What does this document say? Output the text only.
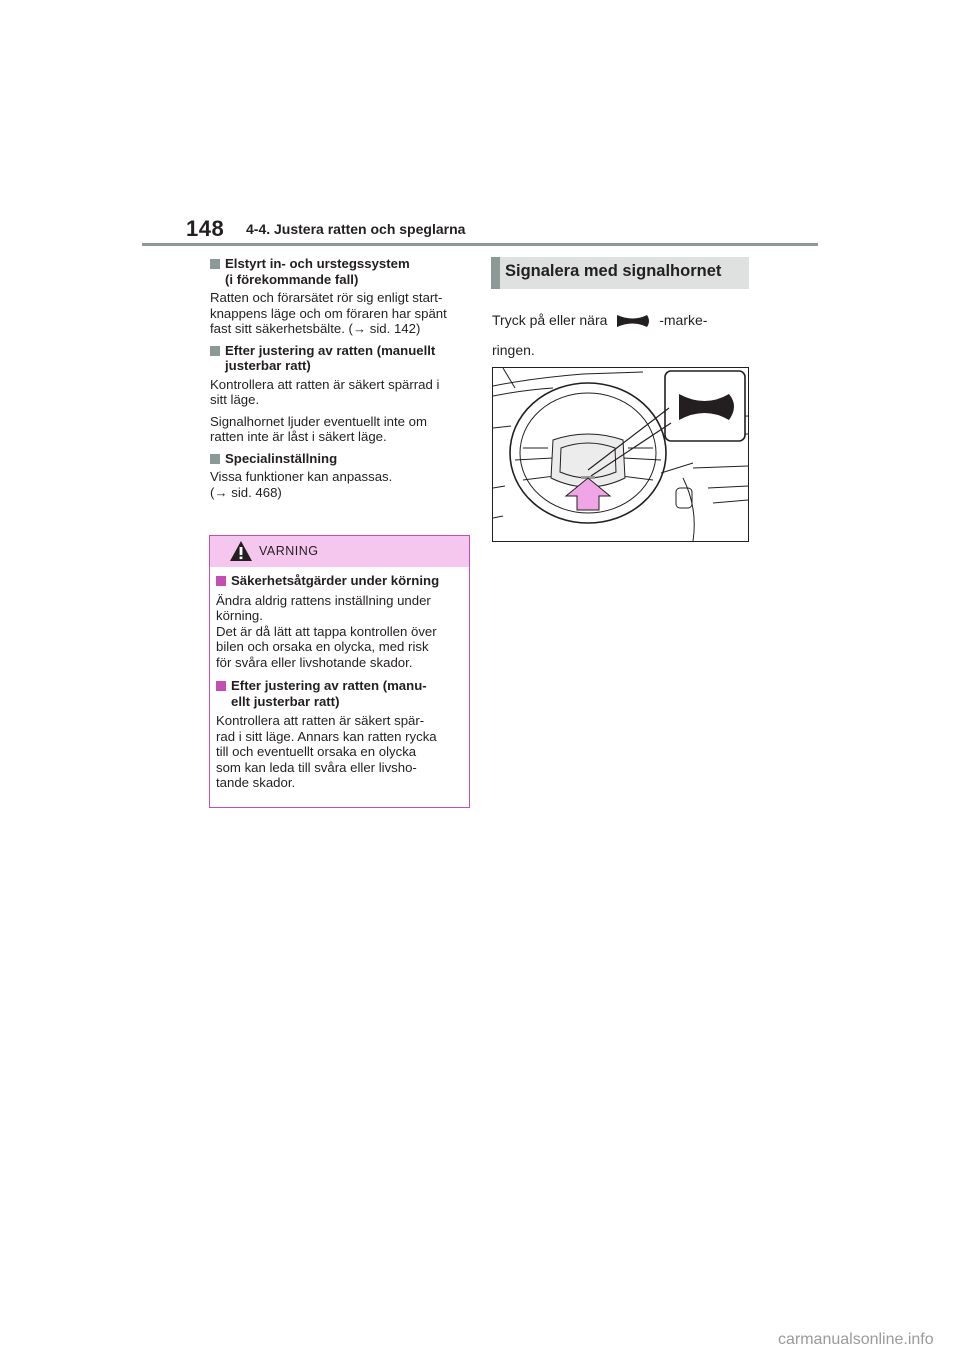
148 4-4. Justera ratten och speglarna
Elstyrt in- och urstegssystem
(i förekommande fall)
Ratten och förarsätet rör sig enligt start-
knappens läge och om föraren har spänt
fast sitt säkerhetsbälte. (→ sid. 142)
Efter justering av ratten (manuellt
justerbar ratt)
Kontrollera att ratten är säkert spärrad i
sitt läge.
Signalhornet ljuder eventuellt inte om
ratten inte är låst i säkert läge.
Specialinställning
Vissa funktioner kan anpassas.
(→ sid. 468)
VARNING
Säkerhetsåtgärder under körning
Ändra aldrig rattens inställning under
körning.
Det är då lätt att tappa kontrollen över
bilen och orsaka en olycka, med risk
för svåra eller livshotande skador.
Efter justering av ratten (manu-
ellt justerbar ratt)
Kontrollera att ratten är säkert spär-
rad i sitt läge. Annars kan ratten rycka
till och eventuellt orsaka en olycka
som kan leda till svåra eller livsho-
tande skador.
Signalera med signalhornet
Tryck på eller nära	-marke-
ringen.
carmanualsonline.info
